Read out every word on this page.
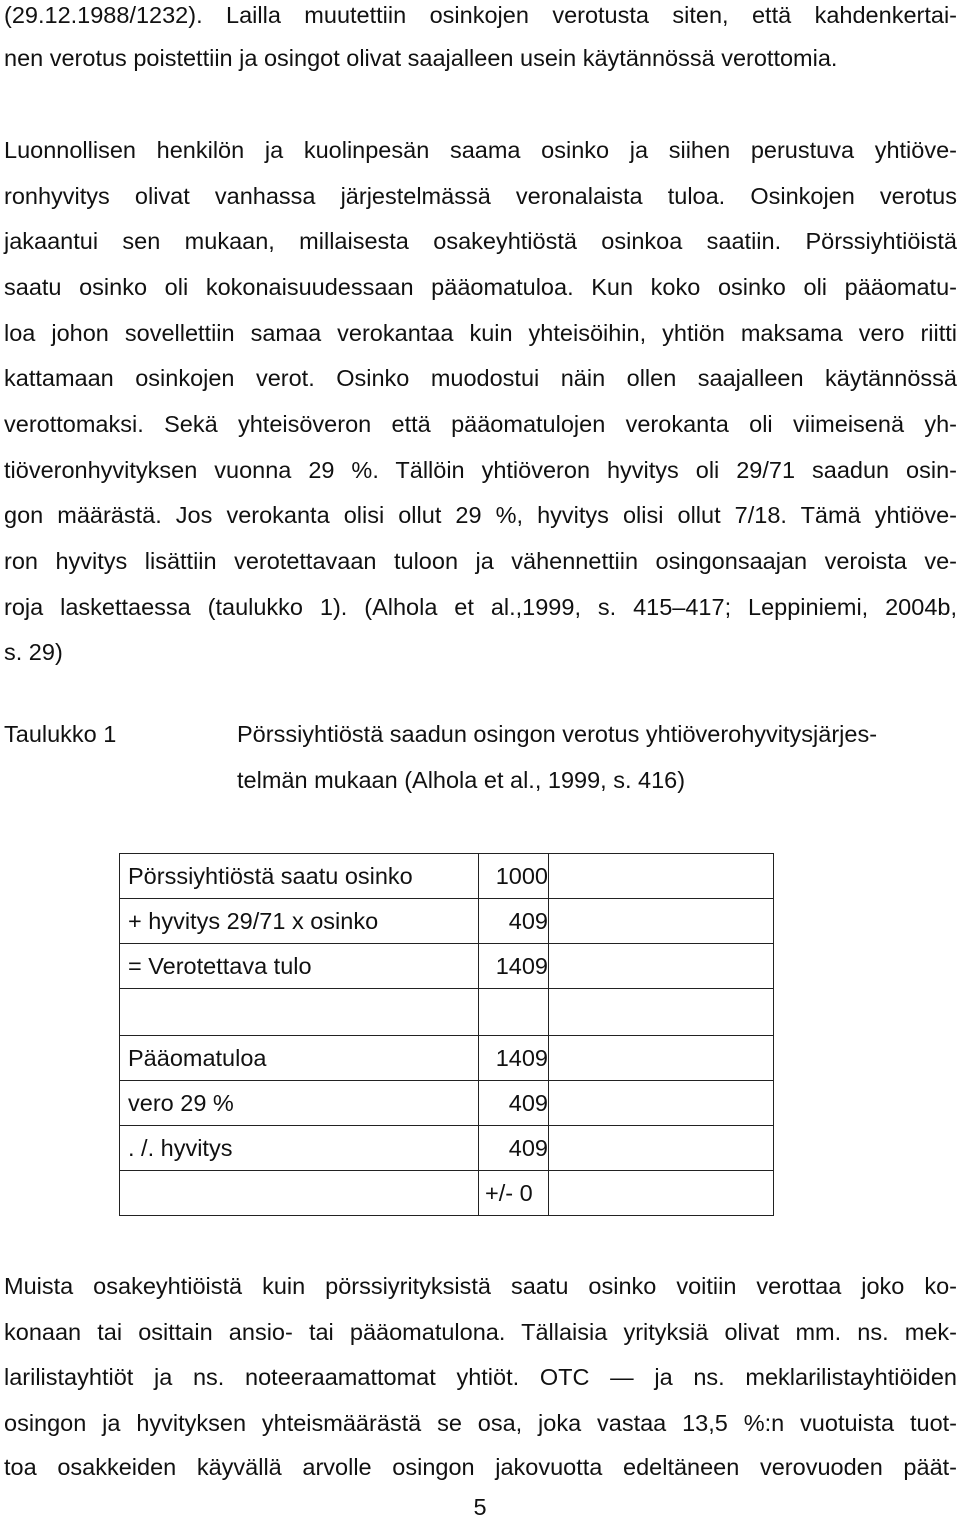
(29.12.1988/1232). Lailla muutettiin osinkojen verotusta siten, että kahdenkertai-
nen verotus poistettiin ja osingot olivat saajalleen usein käytännössä verottomia.
Luonnollisen henkilön ja kuolinpesän saama osinko ja siihen perustuva yhtiöve-
ronhyvitys olivat vanhassa järjestelmässä veronalaista tuloa. Osinkojen verotus
jakaantui sen mukaan, millaisesta osakeyhtiöstä osinkoa saatiin. Pörssiyhtiöistä
saatu osinko oli kokonaisuudessaan pääomatuloa. Kun koko osinko oli pääomatu-
loa johon sovellettiin samaa verokantaa kuin yhteisöihin, yhtiön maksama vero riitti
kattamaan osinkojen verot. Osinko muodostui näin ollen saajalleen käytännössä
verottomaksi. Sekä yhteisöveron että pääomatulojen verokanta oli viimeisenä yh-
tiöveronhyvityksen vuonna 29 %. Tällöin yhtiöveron hyvitys oli 29/71 saadun osin-
gon määrästä. Jos verokanta olisi ollut 29 %, hyvitys olisi ollut 7/18. Tämä yhtiöve-
ron hyvitys lisättiin verotettavaan tuloon ja vähennettiin osingonsaajan veroista ve-
roja laskettaessa (taulukko 1). (Alhola et al.,1999, s. 415–417; Leppiniemi, 2004b,
s. 29)
Taulukko 1	Pörssiyhtiöstä saadun osingon verotus yhtiöverohyvitysjärjes-
telmän mukaan (Alhola et al., 1999, s. 416)
Pörssiyhtiöstä saatu osinko	1000	
+ hyvitys 29/71 x osinko	409	
= Verotettava tulo	1409	

Pääomatuloa	1409	
vero 29 %	409	
. /. hyvitys	409	
	+/- 0	
Muista osakeyhtiöistä kuin pörssiyrityksistä saatu osinko voitiin verottaa joko ko-
konaan tai osittain ansio- tai pääomatulona. Tällaisia yrityksiä olivat mm. ns. mek-
larilistayhtiöt ja ns. noteeraamattomat yhtiöt. OTC — ja ns. meklarilistayhtiöiden
osingon ja hyvityksen yhteismäärästä se osa, joka vastaa 13,5 %:n vuotuista tuot-
toa osakkeiden käyvällä arvolle osingon jakovuotta edeltäneen verovuoden päät-
5
